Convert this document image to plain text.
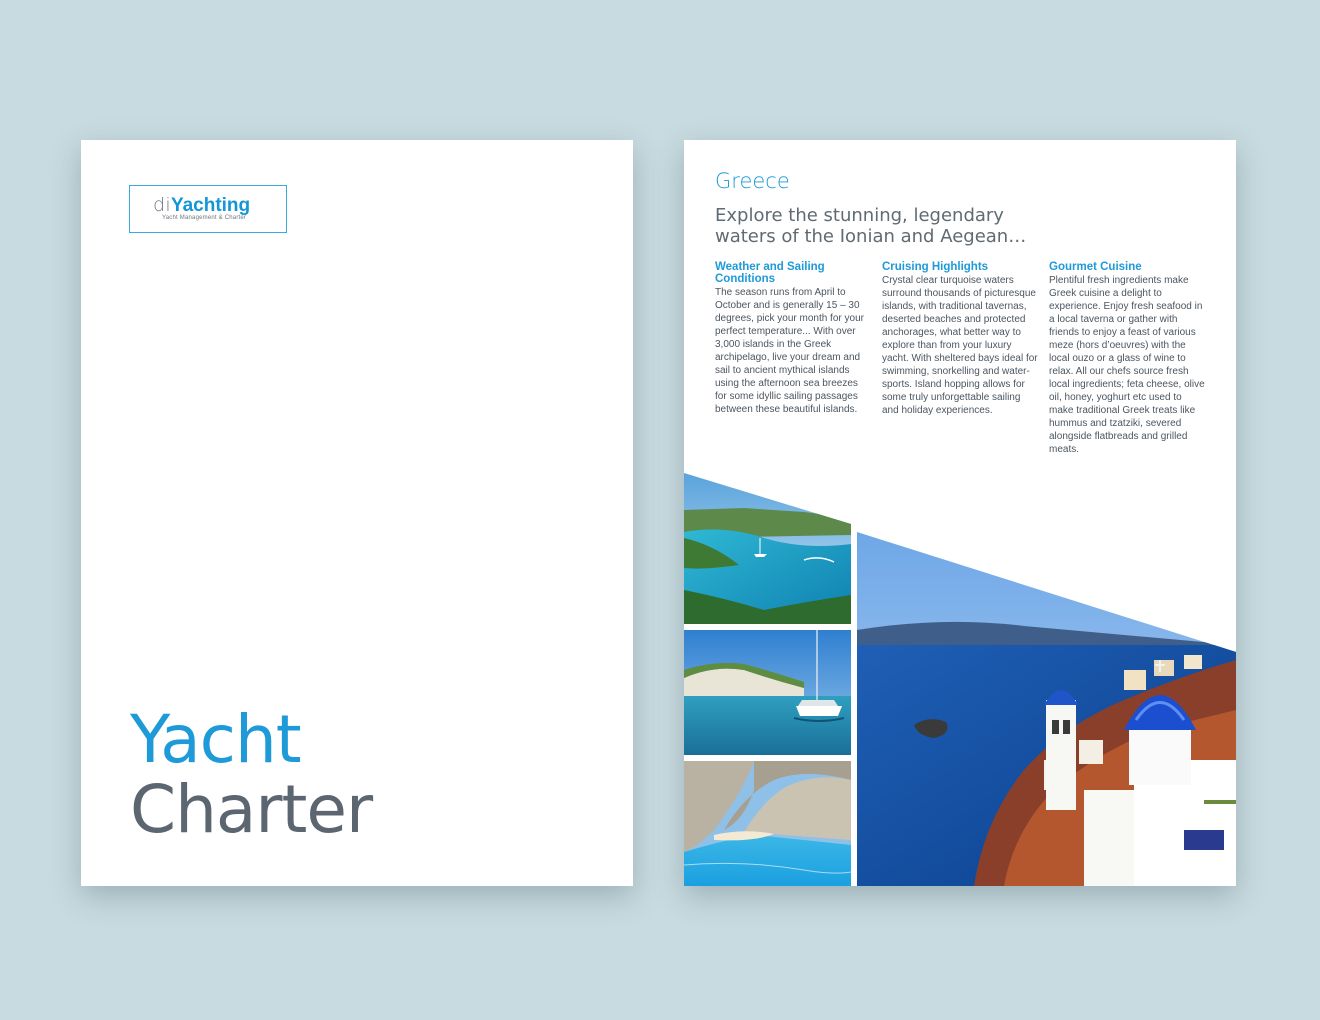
diYachting
Yacht Management & Charter
Yacht
Charter
Greece
Explore the stunning, legendary waters of the Ionian and Aegean…
Weather and Sailing Conditions
The season runs from April to October and is generally 15 – 30 degrees, pick your month for your perfect temperature... With over 3,000 islands in the Greek archipelago, live your dream and sail to ancient mythical islands using the afternoon sea breezes for some idyllic sailing passages between these beautiful islands.
Cruising Highlights
Crystal clear turquoise waters surround thousands of picturesque islands, with traditional tavernas, deserted beaches and protected anchorages, what better way to explore than from your luxury yacht. With sheltered bays ideal for swimming, snorkelling and water-sports. Island hopping allows for some truly unforgettable sailing and holiday experiences.
Gourmet Cuisine
Plentiful fresh ingredients make Greek cuisine a delight to experience. Enjoy fresh seafood in a local taverna or gather with friends to enjoy a feast of various meze (hors d’oeuvres) with the local ouzo or a glass of wine to relax. All our chefs source fresh local ingredients; feta cheese, olive oil, honey, yoghurt etc used to make traditional Greek treats like hummus and tzatziki, severed alongside flatbreads and grilled meats.
